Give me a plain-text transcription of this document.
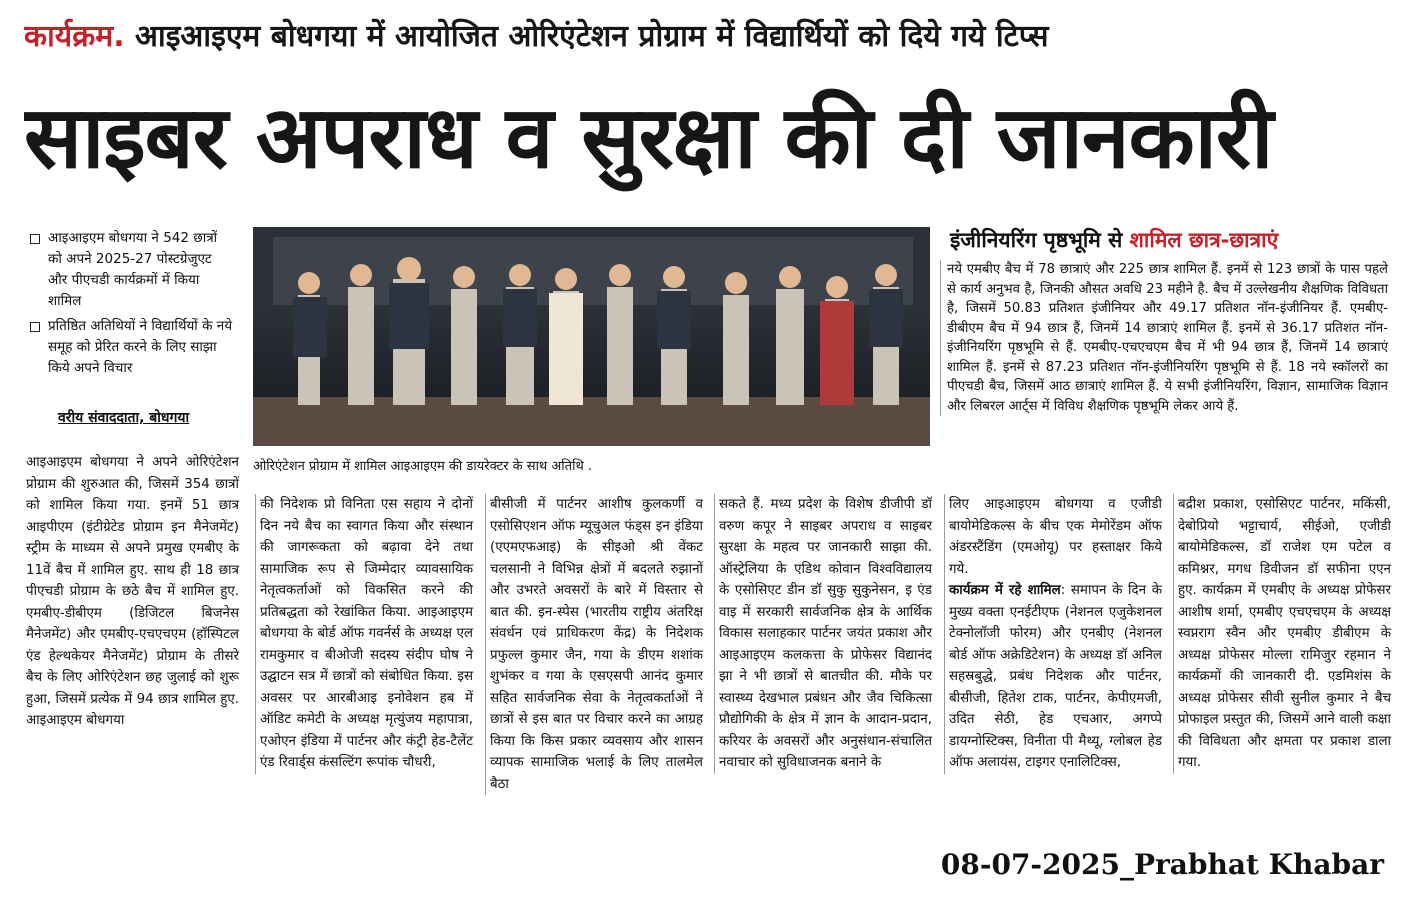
कार्यक्रम. आइआइएम बोधगया में आयोजित ओरिएंटेशन प्रोग्राम में विद्यार्थियों को दिये गये टिप्स
साइबर अपराध व सुरक्षा की दी जानकारी
आइआइएम बोधगया ने 542 छात्रों को अपने 2025-27 पोस्टग्रेजुएट और पीएचडी कार्यक्रमों में किया शामिल
प्रतिष्ठित अतिथियों ने विद्यार्थियों के नये समूह को प्रेरित करने के लिए साझा किये अपने विचार
वरीय संवाददाता, बोधगया
ओरिएंटेशन प्रोग्राम में शामिल आइआइएम की डायरेक्टर के साथ अतिथि .
इंजीनियरिंग पृष्ठभूमि से शामिल छात्र-छात्राएं

नये एमबीए बैच में 78 छात्राएं और 225 छात्र शामिल हैं. इनमें से 123 छात्रों के पास पहले से कार्य अनुभव है, जिनकी औसत अवधि 23 महीने है. बैच में उल्लेखनीय शैक्षणिक विविधता है, जिसमें 50.83 प्रतिशत इंजीनियर और 49.17 प्रतिशत नॉन-इंजीनियर हैं. एमबीए-डीबीएम बैच में 94 छात्र हैं, जिनमें 14 छात्राएं शामिल हैं. इनमें से 36.17 प्रतिशत नॉन-इंजीनियरिंग पृष्ठभूमि से हैं. एमबीए-एचएचएम बैच में भी 94 छात्र हैं, जिनमें 14 छात्राएं शामिल हैं. इनमें से 87.23 प्रतिशत नॉन-इंजीनियरिंग पृष्ठभूमि से हैं. 18 नये स्कॉलरों का पीएचडी बैच, जिसमें आठ छात्राएं शामिल हैं. ये सभी इंजीनियरिंग, विज्ञान, सामाजिक विज्ञान और लिबरल आर्ट्स में विविध शैक्षणिक पृष्ठभूमि लेकर आये हैं.

आइआइएम बोधगया ने अपने ओरिएंटेशन प्रोग्राम की शुरुआत की, जिसमें 354 छात्रों को शामिल किया गया. इनमें 51 छात्र आइपीएम (इंटीग्रेटेड प्रोग्राम इन मैनेजमेंट) स्ट्रीम के माध्यम से अपने प्रमुख एमबीए के 11वें बैच में शामिल हुए. साथ ही 18 छात्र पीएचडी प्रोग्राम के छठे बैच में शामिल हुए. एमबीए-डीबीएम (डिजिटल बिजनेस मैनेजमेंट) और एमबीए-एचएचएम (हॉस्पिटल एंड हेल्थकेयर मैनेजमेंट) प्रोग्राम के तीसरे बैच के लिए ओरिएंटेशन छह जुलाई को शुरू हुआ, जिसमें प्रत्येक में 94 छात्र शामिल हुए. आइआइएम बोधगया

की निदेशक प्रो विनिता एस सहाय ने दोनों दिन नये बैच का स्वागत किया और संस्थान की जागरूकता को बढ़ावा देने तथा सामाजिक रूप से जिम्मेदार व्यावसायिक नेतृत्वकर्ताओं को विकसित करने की प्रतिबद्धता को रेखांकित किया. आइआइएम बोधगया के बोर्ड ऑफ गवर्नर्स के अध्यक्ष एल रामकुमार व बीओजी सदस्य संदीप घोष ने उद्घाटन सत्र में छात्रों को संबोधित किया. इस अवसर पर आरबीआइ इनोवेशन हब में ऑडिट कमेटी के अध्यक्ष मृत्युंजय महापात्रा, एओएन इंडिया में पार्टनर और कंट्री हेड-टैलेंट एंड रिवार्ड्स कंसल्टिंग रूपांक चौधरी,

बीसीजी में पार्टनर आशीष कुलकर्णी व एसोसिएशन ऑफ म्यूचुअल फंड्स इन इंडिया (एएमएफआइ) के सीइओ श्री वेंकट चलसानी ने विभिन्न क्षेत्रों में बदलते रुझानों और उभरते अवसरों के बारे में विस्तार से बात की. इन-स्पेस (भारतीय राष्ट्रीय अंतरिक्ष संवर्धन एवं प्राधिकरण केंद्र) के निदेशक प्रफुल्ल कुमार जैन, गया के डीएम शशांक शुभंकर व गया के एसएसपी आनंद कुमार सहित सार्वजनिक सेवा के नेतृत्वकर्ताओं ने छात्रों से इस बात पर विचार करने का आग्रह किया कि किस प्रकार व्यवसाय और शासन व्यापक सामाजिक भलाई के लिए तालमेल बैठा

सकते हैं. मध्य प्रदेश के विशेष डीजीपी डॉ वरुण कपूर ने साइबर अपराध व साइबर सुरक्षा के महत्व पर जानकारी साझा की. ऑस्ट्रेलिया के एडिथ कोवान विश्वविद्यालय के एसोसिएट डीन डॉ सुकु सुकुनेसन, इ एंड वाइ में सरकारी सार्वजनिक क्षेत्र के आर्थिक विकास सलाहकार पार्टनर जयंत प्रकाश और आइआइएम कलकत्ता के प्रोफेसर विद्यानंद झा ने भी छात्रों से बातचीत की. मौके पर स्वास्थ्य देखभाल प्रबंधन और जैव चिकित्सा प्रौद्योगिकी के क्षेत्र में ज्ञान के आदान-प्रदान, करियर के अवसरों और अनुसंधान-संचालित नवाचार को सुविधाजनक बनाने के

लिए आइआइएम बोधगया व एजीडी बायोमेडिकल्स के बीच एक मेमोरेंडम ऑफ अंडरस्टैंडिंग (एमओयू) पर हस्ताक्षर किये गये.

कार्यक्रम में रहे शामिल: समापन के दिन के मुख्य वक्ता एनईटीएफ (नेशनल एजुकेशनल टेक्नोलॉजी फोरम) और एनबीए (नेशनल बोर्ड ऑफ अक्रेडिटेशन) के अध्यक्ष डॉ अनिल सहस्रबुद्धे, प्रबंध निदेशक और पार्टनर, बीसीजी, हितेश टाक, पार्टनर, केपीएमजी, उदित सेठी, हेड एचआर, अगप्पे डायग्नोस्टिक्स, विनीता पी मैथ्यू, ग्लोबल हेड ऑफ अलायंस, टाइगर एनालिटिक्स,

बद्रीश प्रकाश, एसोसिएट पार्टनर, मकिंसी, देबोप्रियो भट्टाचार्य, सीईओ, एजीडी बायोमेडिकल्स, डॉ राजेश एम पटेल व कमिश्नर, मगध डिवीजन डॉ सफीना एएन हुए. कार्यक्रम में एमबीए के अध्यक्ष प्रोफेसर आशीष शर्मा, एमबीए एचएचएम के अध्यक्ष स्वप्नराग स्वैन और एमबीए डीबीएम के अध्यक्ष प्रोफेसर मोल्ला रामिजुर रहमान ने कार्यक्रमों की जानकारी दी. एडमिशंस के अध्यक्ष प्रोफेसर सीवी सुनील कुमार ने बैच प्रोफाइल प्रस्तुत की, जिसमें आने वाली कक्षा की विविधता और क्षमता पर प्रकाश डाला गया.

08-07-2025_Prabhat Khabar
